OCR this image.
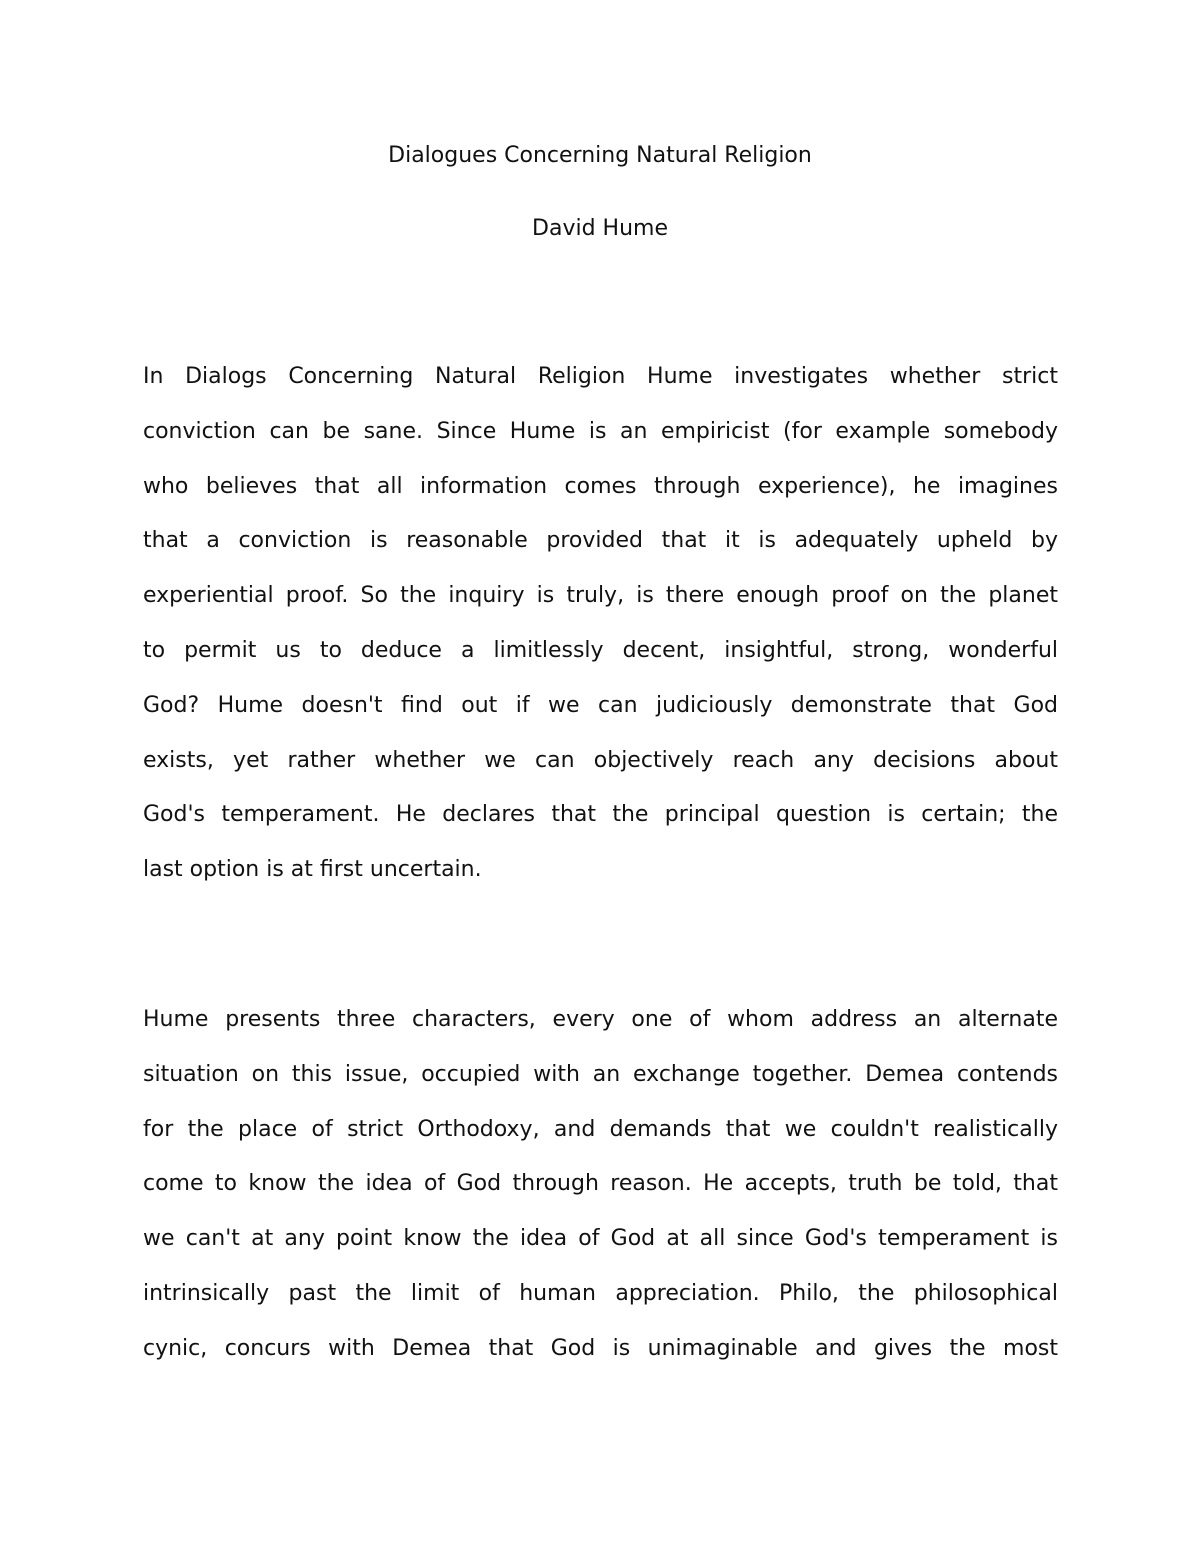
Dialogues Concerning Natural Religion
David Hume
In Dialogs Concerning Natural Religion Hume investigates whether strict
conviction can be sane. Since Hume is an empiricist (for example somebody
who believes that all information comes through experience), he imagines
that a conviction is reasonable provided that it is adequately upheld by
experiential proof. So the inquiry is truly, is there enough proof on the planet
to permit us to deduce a limitlessly decent, insightful, strong, wonderful
God? Hume doesn't find out if we can judiciously demonstrate that God
exists, yet rather whether we can objectively reach any decisions about
God's temperament. He declares that the principal question is certain; the
last option is at first uncertain.
Hume presents three characters, every one of whom address an alternate
situation on this issue, occupied with an exchange together. Demea contends
for the place of strict Orthodoxy, and demands that we couldn't realistically
come to know the idea of God through reason. He accepts, truth be told, that
we can't at any point know the idea of God at all since God's temperament is
intrinsically past the limit of human appreciation. Philo, the philosophical
cynic, concurs with Demea that God is unimaginable and gives the most
